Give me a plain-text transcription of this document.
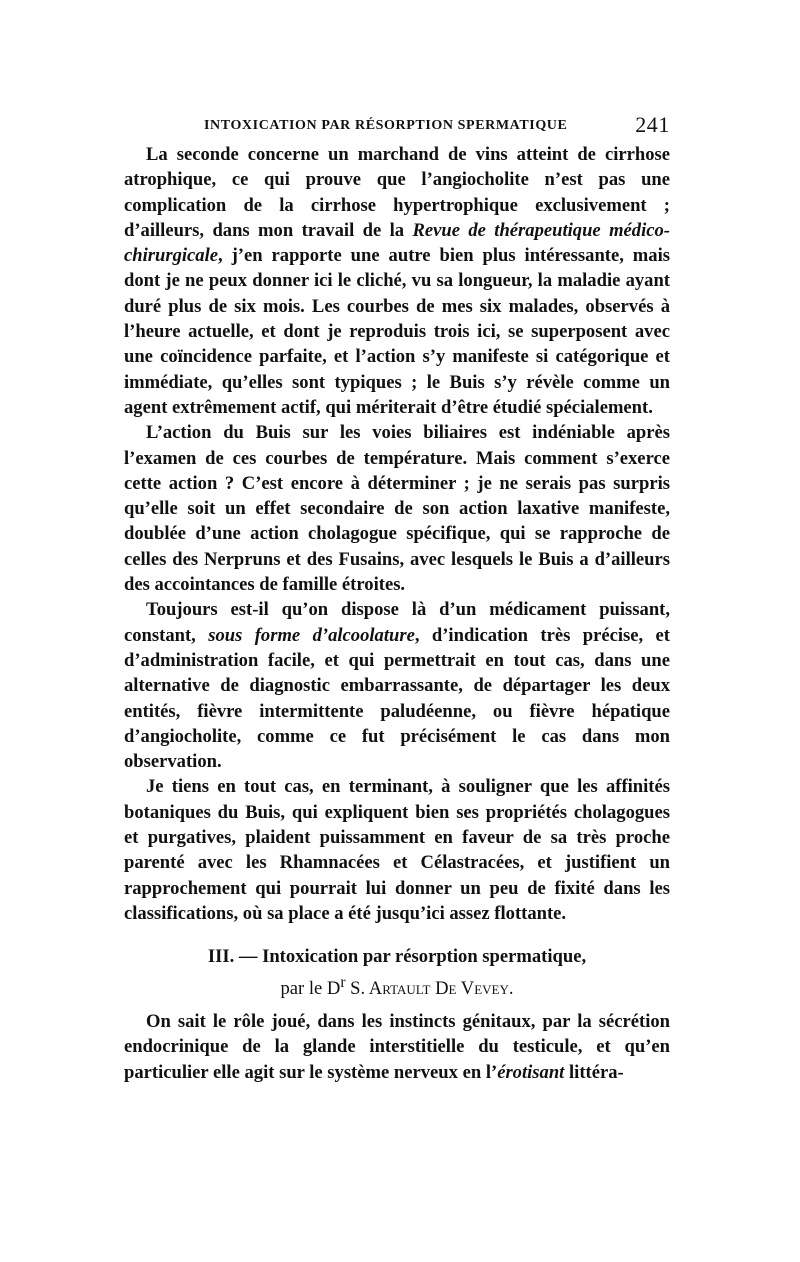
INTOXICATION PAR RÉSORPTION SPERMATIQUE	241

La seconde concerne un marchand de vins atteint de cirrhose atrophique, ce qui prouve que l’angiocholite n’est pas une complication de la cirrhose hypertrophique exclusivement ; d’ailleurs, dans mon travail de la Revue de thérapeutique médico-chirurgicale, j’en rapporte une autre bien plus intéressante, mais dont je ne peux donner ici le cliché, vu sa longueur, la maladie ayant duré plus de six mois. Les courbes de mes six malades, observés à l’heure actuelle, et dont je reproduis trois ici, se superposent avec une coïncidence parfaite, et l’action s’y manifeste si catégorique et immédiate, qu’elles sont typiques ; le Buis s’y révèle comme un agent extrêmement actif, qui mériterait d’être étudié spécialement.

L’action du Buis sur les voies biliaires est indéniable après l’examen de ces courbes de température. Mais comment s’exerce cette action ? C’est encore à déterminer ; je ne serais pas surpris qu’elle soit un effet secondaire de son action laxative manifeste, doublée d’une action cholagogue spécifique, qui se rapproche de celles des Nerpruns et des Fusains, avec lesquels le Buis a d’ailleurs des accointances de famille étroites.

Toujours est-il qu’on dispose là d’un médicament puissant, constant, sous forme d’alcoolature, d’indication très précise, et d’administration facile, et qui permettrait en tout cas, dans une alternative de diagnostic embarrassante, de départager les deux entités, fièvre intermittente paludéenne, ou fièvre hépatique d’angiocholite, comme ce fut précisément le cas dans mon observation.

Je tiens en tout cas, en terminant, à souligner que les affinités botaniques du Buis, qui expliquent bien ses propriétés cholagogues et purgatives, plaident puissamment en faveur de sa très proche parenté avec les Rhamnacées et Célastracées, et justifient un rapprochement qui pourrait lui donner un peu de fixité dans les classifications, où sa place a été jusqu’ici assez flottante.

III. — Intoxication par résorption spermatique,
par le $D^r$ S. Artault De Vevey.

On sait le rôle joué, dans les instincts génitaux, par la sécrétion endocrinique de la glande interstitielle du testicule, et qu’en particulier elle agit sur le système nerveux en l’érotisant littéra-
